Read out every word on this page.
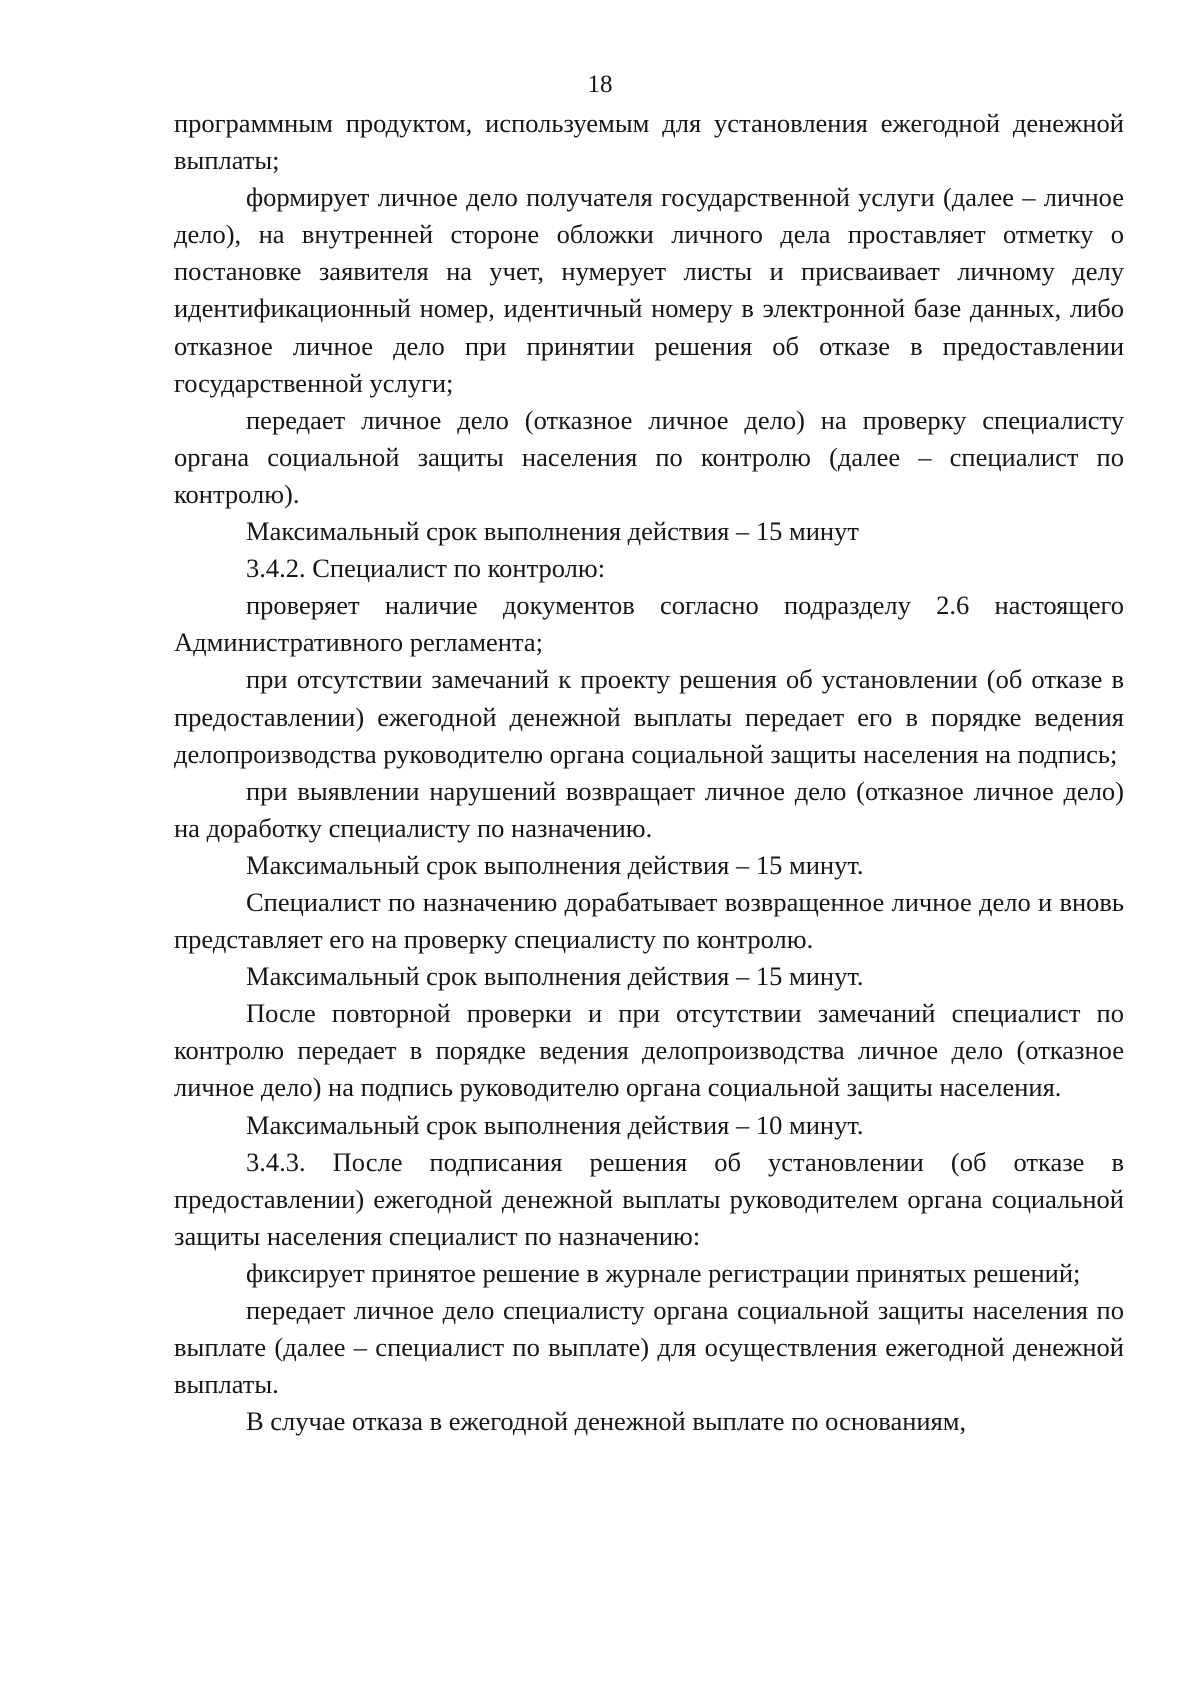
18

программным продуктом, используемым для установления ежегодной денежной выплаты;

формирует личное дело получателя государственной услуги (далее – личное дело), на внутренней стороне обложки личного дела проставляет отметку о постановке заявителя на учет, нумерует листы и присваивает личному делу идентификационный номер, идентичный номеру в электронной базе данных, либо отказное личное дело при принятии решения об отказе в предоставлении государственной услуги;

передает личное дело (отказное личное дело) на проверку специалисту органа социальной защиты населения по контролю (далее – специалист по контролю).

Максимальный срок выполнения действия – 15 минут

3.4.2. Специалист по контролю:

проверяет наличие документов согласно подразделу 2.6 настоящего Административного регламента;

при отсутствии замечаний к проекту решения об установлении (об отказе в предоставлении) ежегодной денежной выплаты передает его в порядке ведения делопроизводства руководителю органа социальной защиты населения на подпись;

при выявлении нарушений возвращает личное дело (отказное личное дело) на доработку специалисту по назначению.

Максимальный срок выполнения действия – 15 минут.

Специалист по назначению дорабатывает возвращенное личное дело и вновь представляет его на проверку специалисту по контролю.

Максимальный срок выполнения действия – 15 минут.

После повторной проверки и при отсутствии замечаний специалист по контролю передает в порядке ведения делопроизводства личное дело (отказное личное дело) на подпись руководителю органа социальной защиты населения.

Максимальный срок выполнения действия – 10 минут.

3.4.3. После подписания решения об установлении (об отказе в предоставлении) ежегодной денежной выплаты руководителем органа социальной защиты населения специалист по назначению:

фиксирует принятое решение в журнале регистрации принятых решений;

передает личное дело специалисту органа социальной защиты населения по выплате (далее – специалист по выплате) для осуществления ежегодной денежной выплаты.

В случае отказа в ежегодной денежной выплате по основаниям,
